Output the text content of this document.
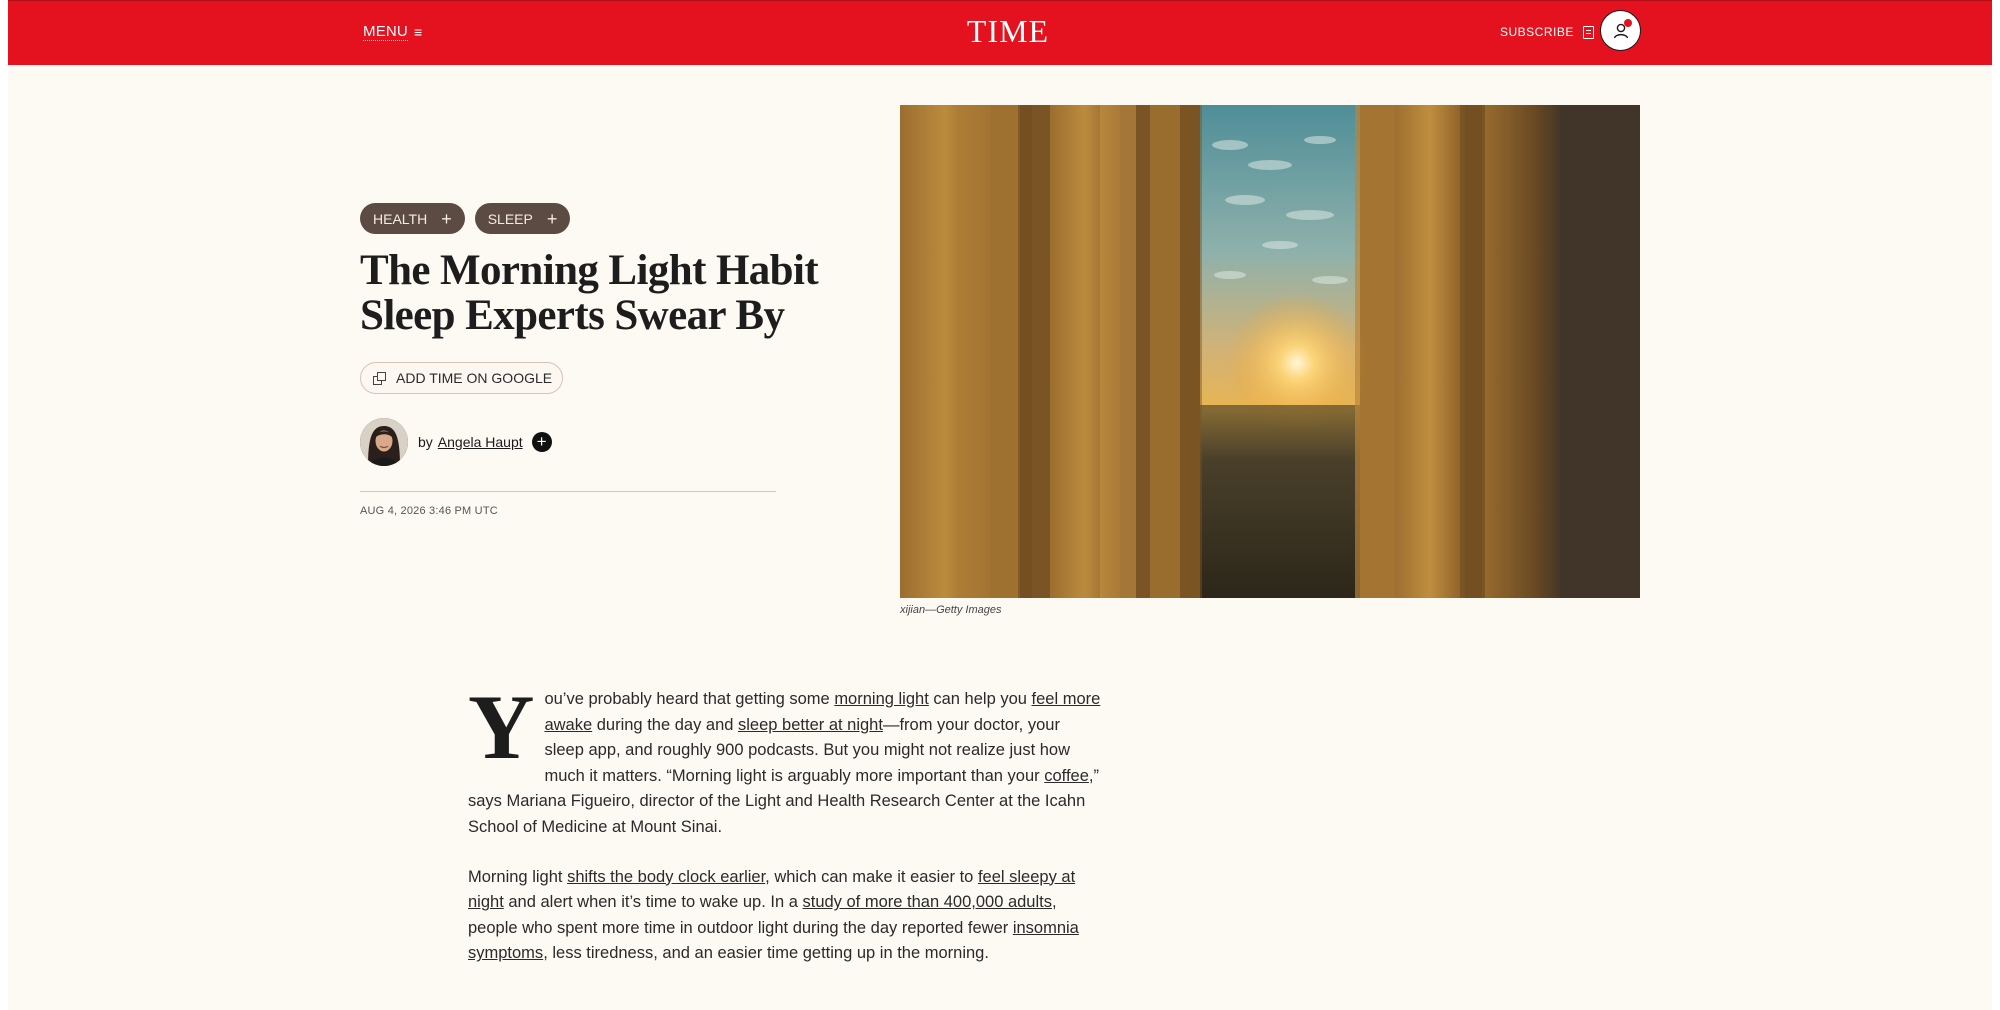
MENU ≡	TIME	SUBSCRIBE
HEALTH +	SLEEP +
The Morning Light Habit Sleep Experts Swear By
ADD TIME ON GOOGLE
by Angela Haupt +
AUG 4, 2026 3:46 PM UTC
xijian—Getty Images

You’ve probably heard that getting some morning light can help you feel more awake during the day and sleep better at night—from your doctor, your sleep app, and roughly 900 podcasts. But you might not realize just how much it matters. “Morning light is arguably more important than your coffee,” says Mariana Figueiro, director of the Light and Health Research Center at the Icahn School of Medicine at Mount Sinai.

Morning light shifts the body clock earlier, which can make it easier to feel sleepy at night and alert when it’s time to wake up. In a study of more than 400,000 adults, people who spent more time in outdoor light during the day reported fewer insomnia symptoms, less tiredness, and an easier time getting up in the morning.
